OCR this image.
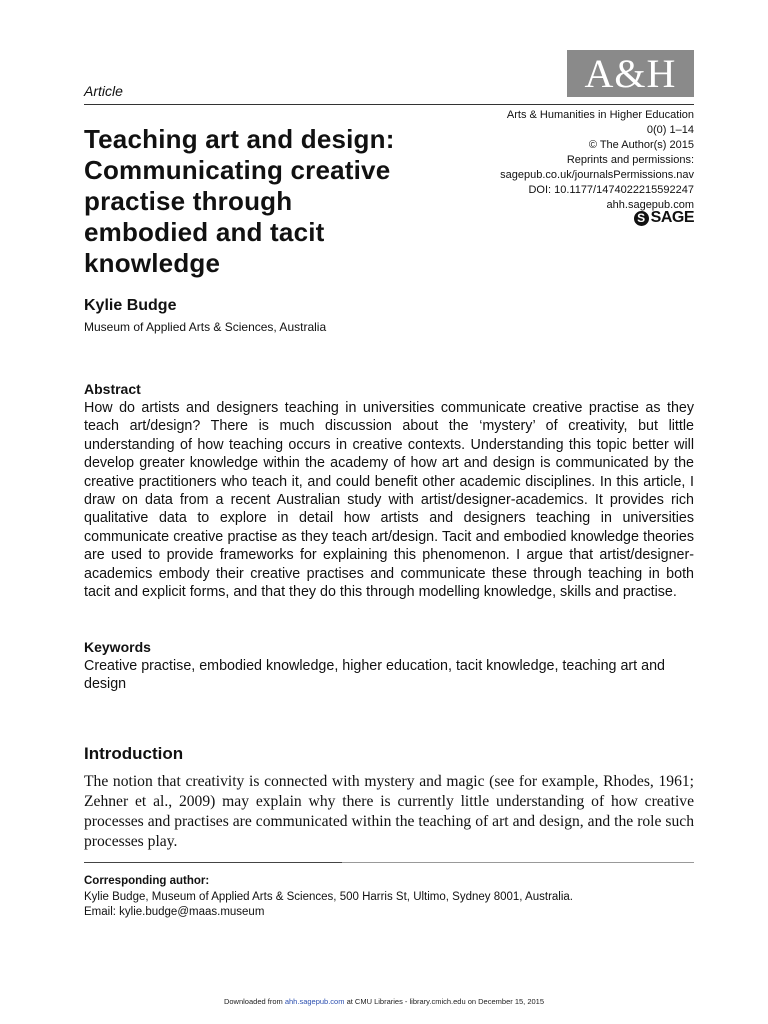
A&H
Article
Arts & Humanities in Higher Education
0(0) 1–14
© The Author(s) 2015
Reprints and permissions:
sagepub.co.uk/journalsPermissions.nav
DOI: 10.1177/1474022215592247
ahh.sagepub.com
S SAGE
Teaching art and design:
Communicating creative
practise through
embodied and tacit
knowledge
Kylie Budge
Museum of Applied Arts & Sciences, Australia
Abstract
How do artists and designers teaching in universities communicate creative practise as they teach art/design? There is much discussion about the ‘mystery’ of creativity, but little understanding of how teaching occurs in creative contexts. Understanding this topic better will develop greater knowledge within the academy of how art and design is communicated by the creative practitioners who teach it, and could benefit other academic disciplines. In this article, I draw on data from a recent Australian study with artist/designer-academics. It provides rich qualitative data to explore in detail how artists and designers teaching in universities communicate creative practise as they teach art/design. Tacit and embodied knowledge theories are used to provide frameworks for explaining this phenomenon. I argue that artist/designer-academics embody their creative practises and communicate these through teaching in both tacit and explicit forms, and that they do this through modelling knowledge, skills and practise.
Keywords
Creative practise, embodied knowledge, higher education, tacit knowledge, teaching art and design
Introduction
The notion that creativity is connected with mystery and magic (see for example, Rhodes, 1961; Zehner et al., 2009) may explain why there is currently little understanding of how creative processes and practises are communicated within the teaching of art and design, and the role such processes play.
Corresponding author:
Kylie Budge, Museum of Applied Arts & Sciences, 500 Harris St, Ultimo, Sydney 8001, Australia.
Email: kylie.budge@maas.museum
Downloaded from ahh.sagepub.com at CMU Libraries - library.cmich.edu on December 15, 2015
